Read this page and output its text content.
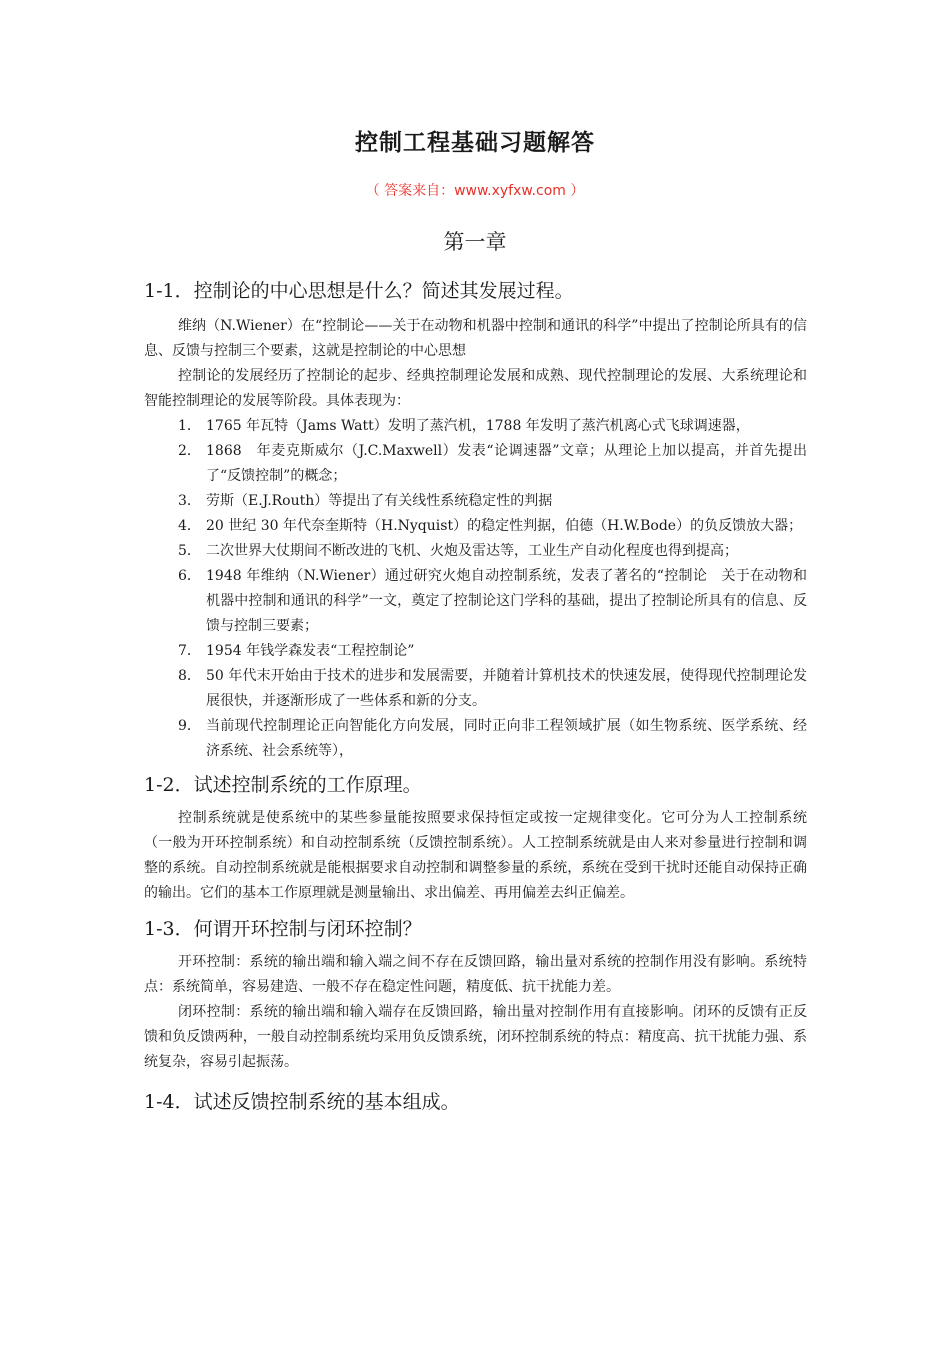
控制工程基础习题解答
（ 答案来自：www.xyfxw.com ）
第一章
1-1．控制论的中心思想是什么？简述其发展过程。

维纳（N.Wiener）在“控制论——关于在动物和机器中控制和通讯的科学”中提出了控制论所具有的信息、反馈与控制三个要素，这就是控制论的中心思想

控制论的发展经历了控制论的起步、经典控制理论发展和成熟、现代控制理论的发展、大系统理论和智能控制理论的发展等阶段。具体表现为：

1． 1765 年瓦特（Jams Watt）发明了蒸汽机，1788 年发明了蒸汽机离心式飞球调速器，
2． 1868　年麦克斯威尔（J.C.Maxwell）发表“论调速器”文章；从理论上加以提高，并首先提出了“反馈控制”的概念；
3． 劳斯（E.J.Routh）等提出了有关线性系统稳定性的判据
4． 20 世纪 30 年代奈奎斯特（H.Nyquist）的稳定性判据，伯德（H.W.Bode）的负反馈放大器；
5． 二次世界大仗期间不断改进的飞机、火炮及雷达等，工业生产自动化程度也得到提高；
6． 1948 年维纳（N.Wiener）通过研究火炮自动控制系统，发表了著名的“控制论　关于在动物和机器中控制和通讯的科学”一文，奠定了控制论这门学科的基础，提出了控制论所具有的信息、反馈与控制三要素；
7． 1954 年钱学森发表“工程控制论”
8． 50 年代末开始由于技术的进步和发展需要，并随着计算机技术的快速发展，使得现代控制理论发展很快，并逐渐形成了一些体系和新的分支。
9． 当前现代控制理论正向智能化方向发展，同时正向非工程领域扩展（如生物系统、医学系统、经济系统、社会系统等），
1-2．试述控制系统的工作原理。

控制系统就是使系统中的某些参量能按照要求保持恒定或按一定规律变化。它可分为人工控制系统（一般为开环控制系统）和自动控制系统（反馈控制系统）。人工控制系统就是由人来对参量进行控制和调整的系统。自动控制系统就是能根据要求自动控制和调整参量的系统，系统在受到干扰时还能自动保持正确的输出。它们的基本工作原理就是测量输出、求出偏差、再用偏差去纠正偏差。

1-3．何谓开环控制与闭环控制？

开环控制：系统的输出端和输入端之间不存在反馈回路，输出量对系统的控制作用没有影响。系统特点：系统简单，容易建造、一般不存在稳定性问题，精度低、抗干扰能力差。

闭环控制：系统的输出端和输入端存在反馈回路，输出量对控制作用有直接影响。闭环的反馈有正反馈和负反馈两种，一般自动控制系统均采用负反馈系统，闭环控制系统的特点：精度高、抗干扰能力强、系统复杂，容易引起振荡。

1-4．试述反馈控制系统的基本组成。
